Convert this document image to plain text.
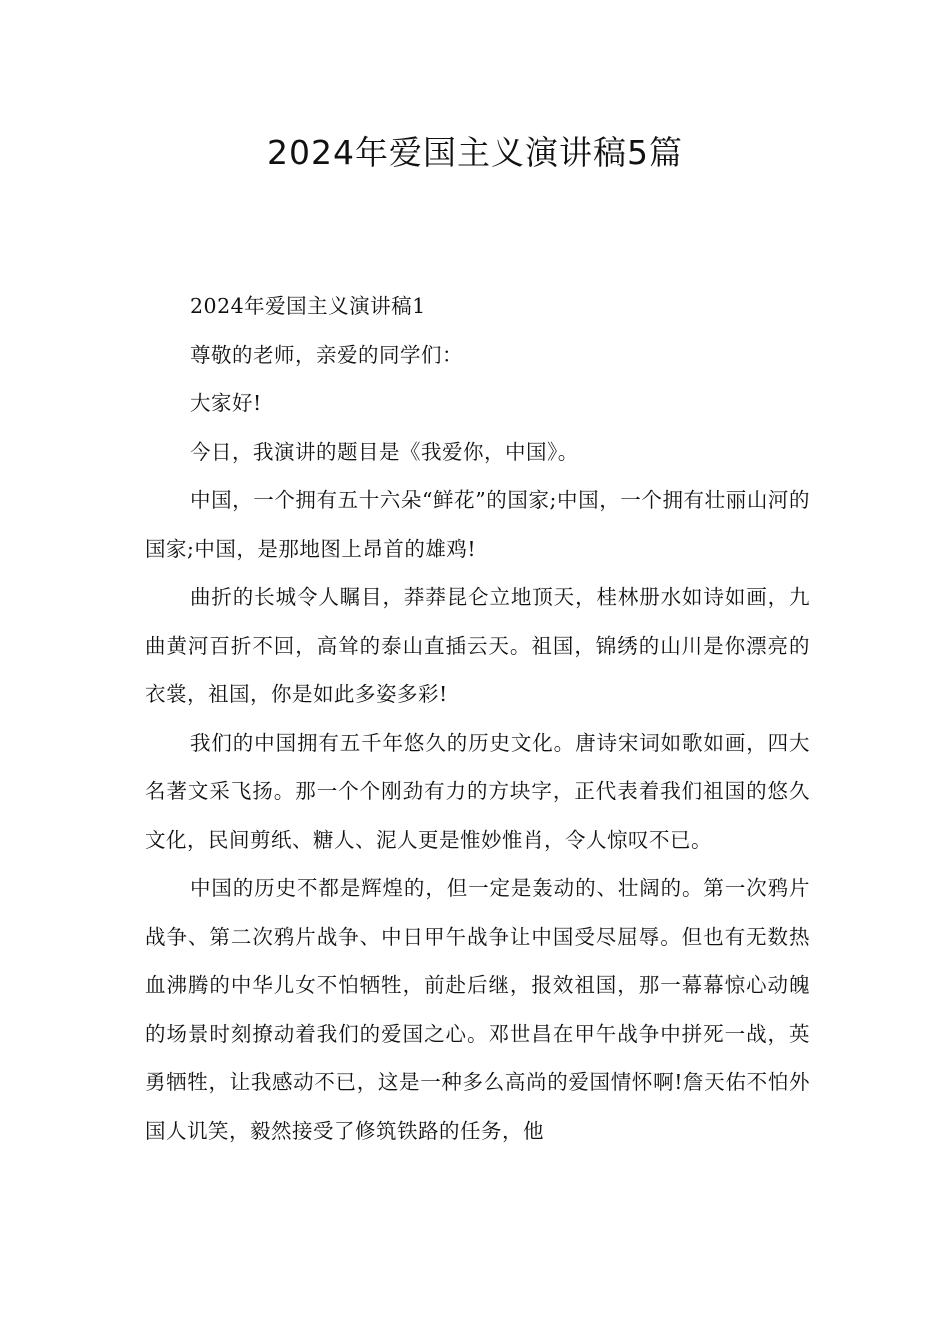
2024年爱国主义演讲稿5篇

2024年爱国主义演讲稿1

尊敬的老师，亲爱的同学们：

大家好!

今日，我演讲的题目是《我爱你，中国》。

中国，一个拥有五十六朵“鲜花”的国家;中国，一个拥有壮丽山河的国家;中国，是那地图上昂首的雄鸡!

曲折的长城令人瞩目，莽莽昆仑立地顶天，桂林册水如诗如画，九曲黄河百折不回，高耸的泰山直插云天。祖国，锦绣的山川是你漂亮的衣裳，祖国，你是如此多姿多彩!

我们的中国拥有五千年悠久的历史文化。唐诗宋词如歌如画，四大名著文采飞扬。那一个个刚劲有力的方块字，正代表着我们祖国的悠久文化，民间剪纸、糖人、泥人更是惟妙惟肖，令人惊叹不已。

中国的历史不都是辉煌的，但一定是轰动的、壮阔的。第一次鸦片战争、第二次鸦片战争、中日甲午战争让中国受尽屈辱。但也有无数热血沸腾的中华儿女不怕牺牲，前赴后继，报效祖国，那一幕幕惊心动魄的场景时刻撩动着我们的爱国之心。邓世昌在甲午战争中拼死一战，英勇牺牲，让我感动不已，这是一种多么高尚的爱国情怀啊!詹天佑不怕外国人讥笑，毅然接受了修筑铁路的任务，他
